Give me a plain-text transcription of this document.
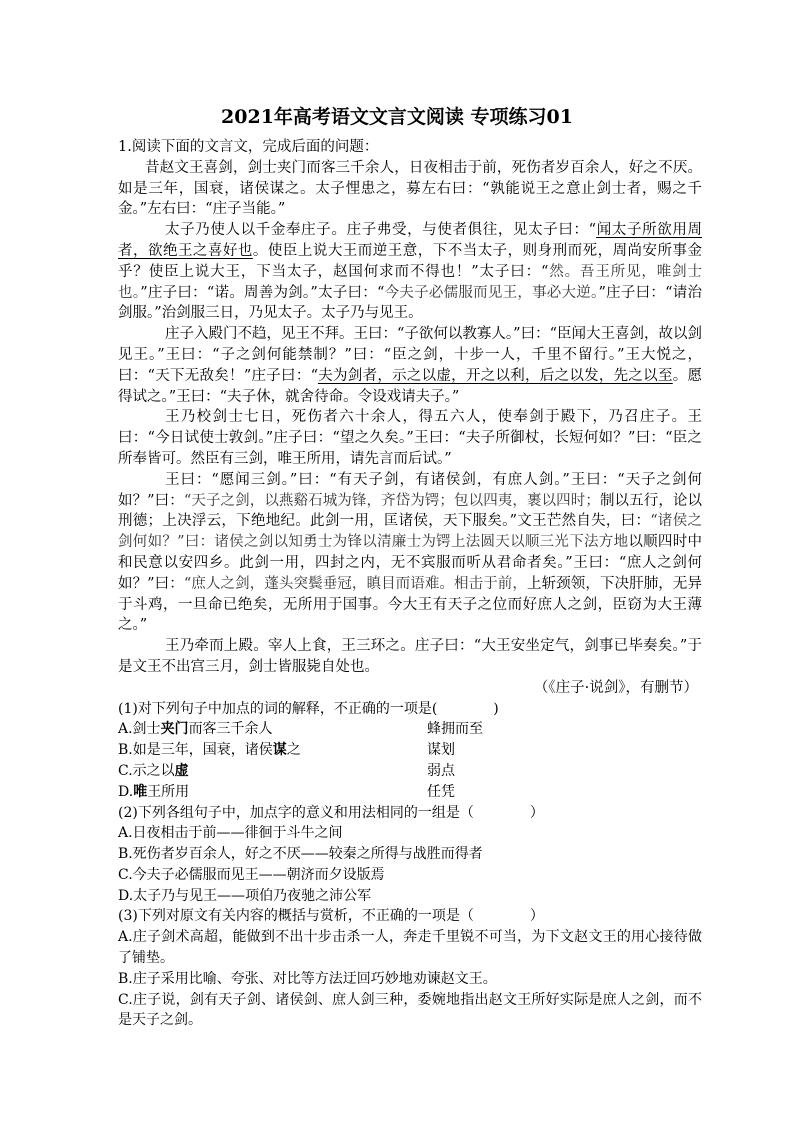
2021年高考语文文言文阅读 专项练习01

1.阅读下面的文言文，完成后面的问题：

昔赵文王喜剑，剑士夹门而客三千余人，日夜相击于前，死伤者岁百余人，好之不厌。如是三年，国衰，诸侯谋之。太子悝患之，募左右曰：“孰能说王之意止剑士者，赐之千金。”左右曰：“庄子当能。”

太子乃使人以千金奉庄子。庄子弗受，与使者俱往，见太子曰：“闻太子所欲用周者，欲绝王之喜好也。使臣上说大王而逆王意，下不当太子，则身刑而死，周尚安所事金乎？使臣上说大王，下当太子，赵国何求而不得也！”太子曰：“然。吾王所见，唯剑士也。”庄子曰：“诺。周善为剑。”太子曰：“今夫子必儒服而见王，事必大逆。”庄子曰：“请治剑服。”治剑服三日，乃见太子。太子乃与见王。

庄子入殿门不趋，见王不拜。王曰：“子欲何以教寡人。”曰：“臣闻大王喜剑，故以剑见王。”王曰：“子之剑何能禁制？”曰：“臣之剑，十步一人，千里不留行。”王大悦之，曰：“天下无敌矣！”庄子曰：“夫为剑者，示之以虚，开之以利，后之以发，先之以至。愿得试之。”王曰：“夫子休，就舍待命。令设戏请夫子。”

王乃校剑士七日，死伤者六十余人，得五六人，使奉剑于殿下，乃召庄子。王曰：“今日试使士敦剑。”庄子曰：“望之久矣。”王曰：“夫子所御杖，长短何如？”曰：“臣之所奉皆可。然臣有三剑，唯王所用，请先言而后试。”

王曰：“愿闻三剑。”曰：“有天子剑，有诸侯剑，有庶人剑。”王曰：“天子之剑何如？”曰：“天子之剑，以燕谿石城为锋，齐岱为锷；包以四夷，裹以四时；制以五行，论以刑德；上决浮云，下绝地纪。此剑一用，匡诸侯，天下服矣。”文王芒然自失，曰：“诸侯之剑何如？”曰：诸侯之剑以知勇士为锋以清廉士为锷上法圆天以顺三光下法方地以顺四时中和民意以安四乡。此剑一用，四封之内，无不宾服而听从君命者矣。”王曰：“庶人之剑何如？”曰：“庶人之剑，蓬头突鬓垂冠，瞋目而语难。相击于前，上斩颈领，下决肝肺，无异于斗鸡，一旦命已绝矣，无所用于国事。今大王有天子之位而好庶人之剑，臣窃为大王薄之。”

王乃牵而上殿。宰人上食，王三环之。庄子曰：“大王安坐定气，剑事已毕奏矣。”于是文王不出宫三月，剑士皆服毙自处也。

（《庄子·说剑》，有删节）

(1)对下列句子中加点的词的解释，不正确的一项是(　　　　)

A.剑士夹门而客三千余人	蜂拥而至
B.如是三年，国衰，诸侯谋之	谋划
C.示之以虚	弱点
D.唯王所用	任凭

(2)下列各组句子中，加点字的意义和用法相同的一组是（　　　　）

A.日夜相击于前——徘徊于斗牛之间

B.死伤者岁百余人，好之不厌——较秦之所得与战胜而得者

C.今夫子必儒服而见王——朝济而夕设版焉

D.太子乃与见王——项伯乃夜驰之沛公军

(3)下列对原文有关内容的概括与赏析，不正确的一项是（　　　　）

A.庄子剑术高超，能做到不出十步击杀一人，奔走千里锐不可当，为下文赵文王的用心接待做了铺垫。

B.庄子采用比喻、夸张、对比等方法迂回巧妙地劝谏赵文王。

C.庄子说，剑有天子剑、诸侯剑、庶人剑三种，委婉地指出赵文王所好实际是庶人之剑，而不是天子之剑。
